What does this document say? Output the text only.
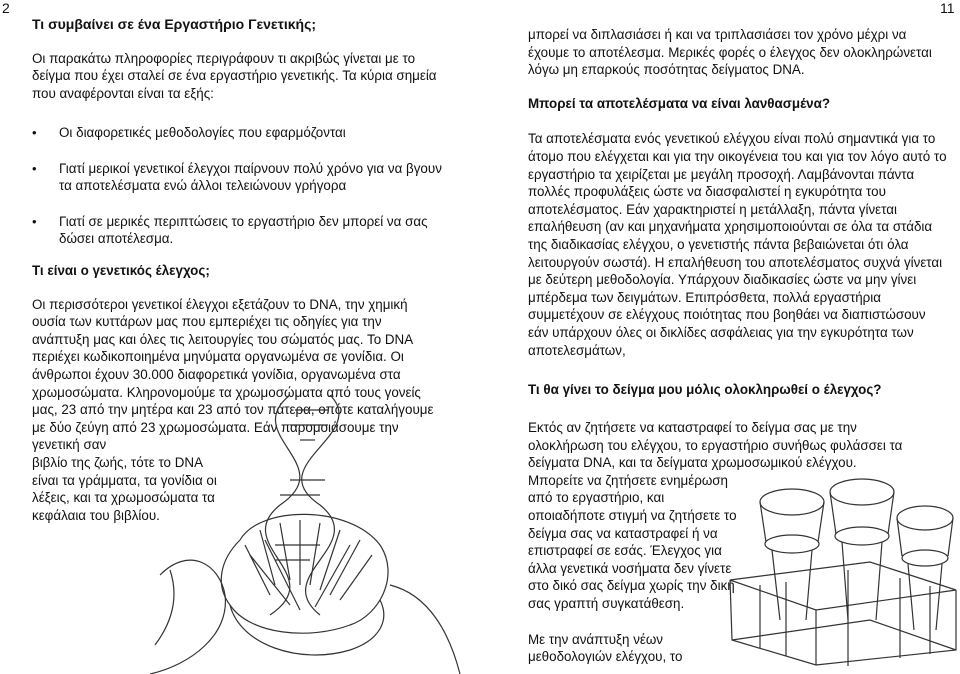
2

Τι συμβαίνει σε ένα Εργαστήριο Γενετικής;

Οι παρακάτω πληροφορίες περιγράφουν τι ακριβώς γίνεται με το δείγμα που έχει σταλεί σε ένα εργαστήριο γενετικής. Τα κύρια σημεία που αναφέρονται είναι τα εξής:

• Οι διαφορετικές μεθοδολογίες που εφαρμόζονται
• Γιατί μερικοί γενετικοί έλεγχοι παίρνουν πολύ χρόνο για να βγουν τα αποτελέσματα ενώ άλλοι τελειώνουν γρήγορα
• Γιατί σε μερικές περιπτώσεις το εργαστήριο δεν μπορεί να σας δώσει αποτέλεσμα.

Τι είναι ο γενετικός έλεγχος;

Οι περισσότεροι γενετικοί έλεγχοι εξετάζουν το DNA, την χημική ουσία των κυττάρων μας που εμπεριέχει τις οδηγίες για την ανάπτυξη μας και όλες τις λειτουργίες του σώματός μας. Το DNA περιέχει κωδικοποιημένα μηνύματα οργανωμένα σε γονίδια. Οι άνθρωποι έχουν 30.000 διαφορετικά γονίδια, οργανωμένα στα χρωμοσώματα. Κληρονομούμε τα χρωμοσώματα από τους γονείς μας, 23 από την μητέρα και 23 από τον πάτερα, οπότε καταλήγουμε με δύο ζεύγη από 23 χρωμοσώματα. Εάν παρομοιάσουμε την γενετική σαν

βιβλίο της ζωής, τότε το DNA

είναι τα γράμματα, τα γονίδια οι

λέξεις, και τα χρωμοσώματα τα

κεφάλαια του βιβλίου.

11

μπορεί να διπλασιάσει ή και να τριπλασιάσει τον χρόνο μέχρι να έχουμε το αποτέλεσμα. Μερικές φορές ο έλεγχος δεν ολοκληρώνεται λόγω μη επαρκούς ποσότητας δείγματος DNA.

Μπορεί τα αποτελέσματα να είναι λανθασμένα?

Τα αποτελέσματα ενός γενετικού ελέγχου είναι πολύ σημαντικά για το άτομο που ελέγχεται και για την οικογένεια του και για τον λόγο αυτό το εργαστήριο τα χειρίζεται με μεγάλη προσοχή. Λαμβάνονται πάντα πολλές προφυλάξεις ώστε να διασφαλιστεί η εγκυρότητα του αποτελέσματος. Εάν χαρακτηριστεί η μετάλλαξη, πάντα γίνεται επαλήθευση (αν και μηχανήματα χρησιμοποιούνται σε όλα τα στάδια της διαδικασίας ελέγχου, ο γενετιστής πάντα βεβαιώνεται ότι όλα λειτουργούν σωστά). Η επαλήθευση του αποτελέσματος συχνά γίνεται με δεύτερη μεθοδολογία. Υπάρχουν διαδικασίες ώστε να μην γίνει μπέρδεμα των δειγμάτων. Επιπρόσθετα, πολλά εργαστήρια συμμετέχουν σε ελέγχους ποιότητας που βοηθάει να διαπιστώσουν εάν υπάρχουν όλες οι δικλίδες ασφάλειας για την εγκυρότητα των αποτελεσμάτων,

Τι θα γίνει το δείγμα μου μόλις ολοκληρωθεί ο έλεγχος?

Εκτός αν ζητήσετε να καταστραφεί το δείγμα σας με την

ολοκλήρωση του ελέγχου, το εργαστήριο συνήθως φυλάσσει τα

δείγματα DNA, και τα δείγματα χρωμοσωμικού ελέγχου.

Μπορείτε να ζητήσετε ενημέρωση

από το εργαστήριο, και

οποιαδήποτε στιγμή να ζητήσετε το

δείγμα σας να καταστραφεί ή να

επιστραφεί σε εσάς. Έλεγχος για

άλλα γενετικά νοσήματα δεν γίνετε

στο δικό σας δείγμα χωρίς την δική

σας γραπτή συγκατάθεση.

Με την ανάπτυξη νέων

μεθοδολογιών ελέγχου, το
